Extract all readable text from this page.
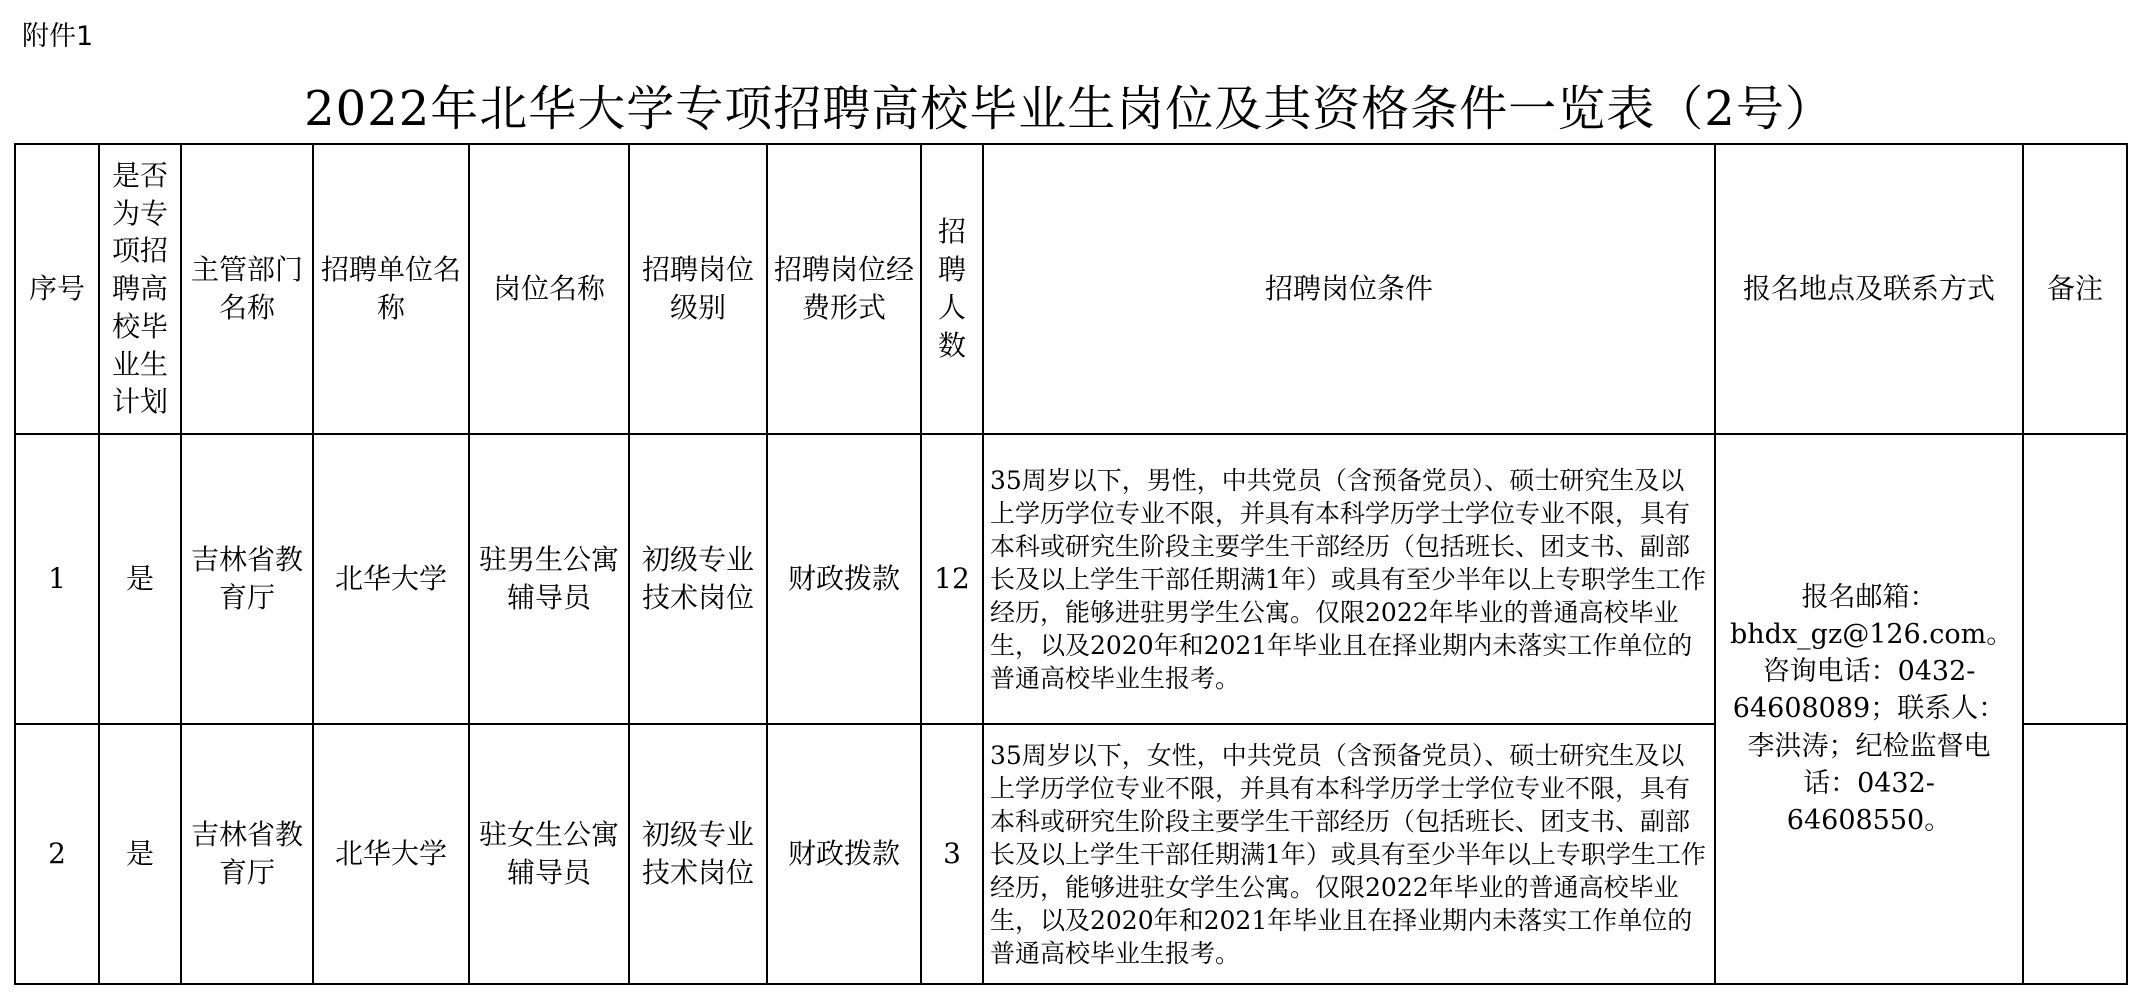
附件1
2022年北华大学专项招聘高校毕业生岗位及其资格条件一览表（2号）
序号	是否为专项招聘高校毕业生计划	主管部门名称	招聘单位名称	岗位名称	招聘岗位级别	招聘岗位经费形式	招聘人数	招聘岗位条件	报名地点及联系方式	备注
1	是	吉林省教育厅	北华大学	驻男生公寓辅导员	初级专业技术岗位	财政拨款	12	35周岁以下，男性，中共党员（含预备党员）、硕士研究生及以上学历学位专业不限，并具有本科学历学士学位专业不限，具有本科或研究生阶段主要学生干部经历（包括班长、团支书、副部长及以上学生干部任期满1年）或具有至少半年以上专职学生工作经历，能够进驻男学生公寓。仅限2022年毕业的普通高校毕业生，以及2020年和2021年毕业且在择业期内未落实工作单位的普通高校毕业生报考。	报名邮箱：bhdx_gz@126.com。咨询电话：0432-64608089；联系人：李洪涛；纪检监督电话：0432-64608550。	
2	是	吉林省教育厅	北华大学	驻女生公寓辅导员	初级专业技术岗位	财政拨款	3	35周岁以下，女性，中共党员（含预备党员）、硕士研究生及以上学历学位专业不限，并具有本科学历学士学位专业不限，具有本科或研究生阶段主要学生干部经历（包括班长、团支书、副部长及以上学生干部任期满1年）或具有至少半年以上专职学生工作经历，能够进驻女学生公寓。仅限2022年毕业的普通高校毕业生，以及2020年和2021年毕业且在择业期内未落实工作单位的普通高校毕业生报考。		
